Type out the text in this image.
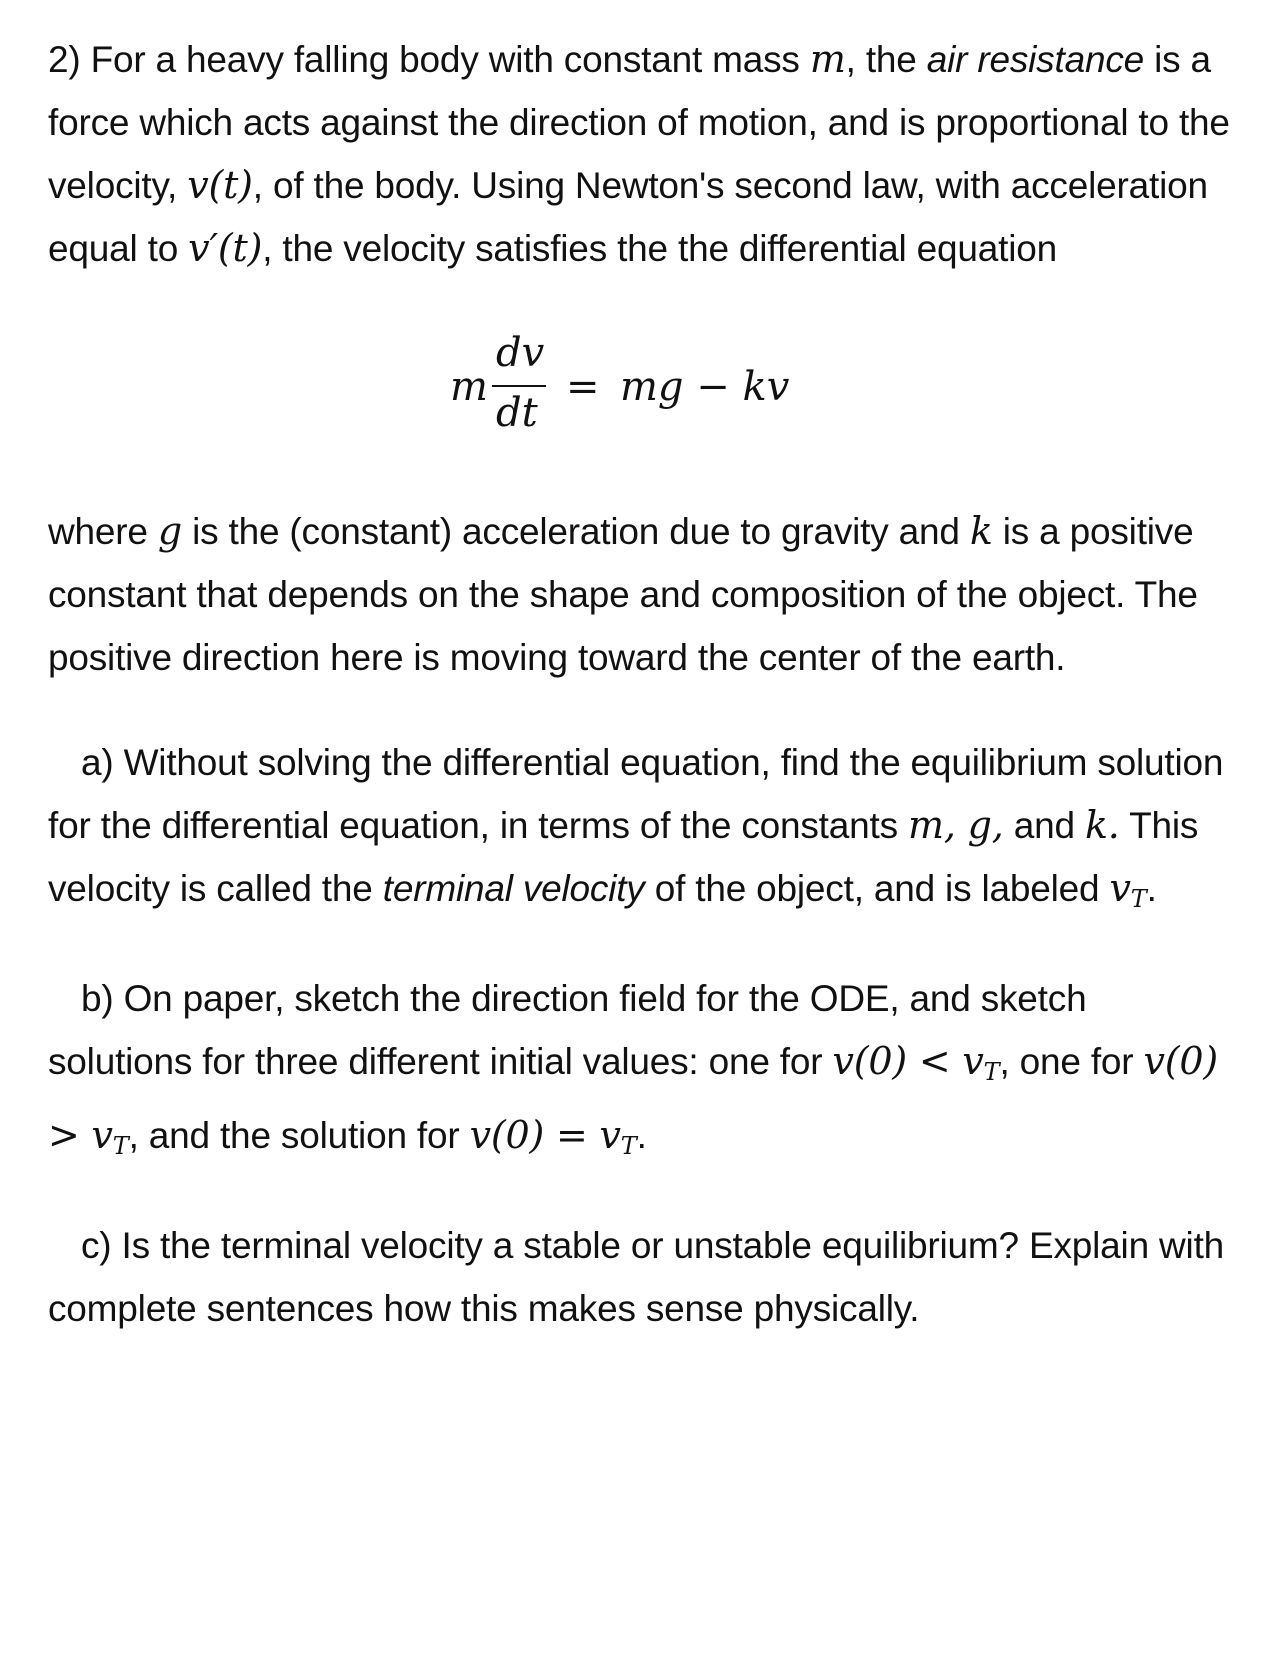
2) For a heavy falling body with constant mass m, the air resistance is a force which acts against the direction of motion, and is proportional to the velocity, v(t), of the body. Using Newton's second law, with acceleration equal to v′(t), the velocity satisfies the the differential equation

m
dv
dt
= mg − kv

where g is the (constant) acceleration due to gravity and k is a positive constant that depends on the shape and composition of the object. The positive direction here is moving toward the center of the earth.

a) Without solving the differential equation, find the equilibrium solution for the differential equation, in terms of the constants m, g, and k. This velocity is called the terminal velocity of the object, and is labeled $v_T$.

b) On paper, sketch the direction field for the ODE, and sketch solutions for three different initial values: one for $v(0) < v_T$, one for $v(0) > v_T$, and the solution for $v(0) = v_T$.

c) Is the terminal velocity a stable or unstable equilibrium? Explain with complete sentences how this makes sense physically.
